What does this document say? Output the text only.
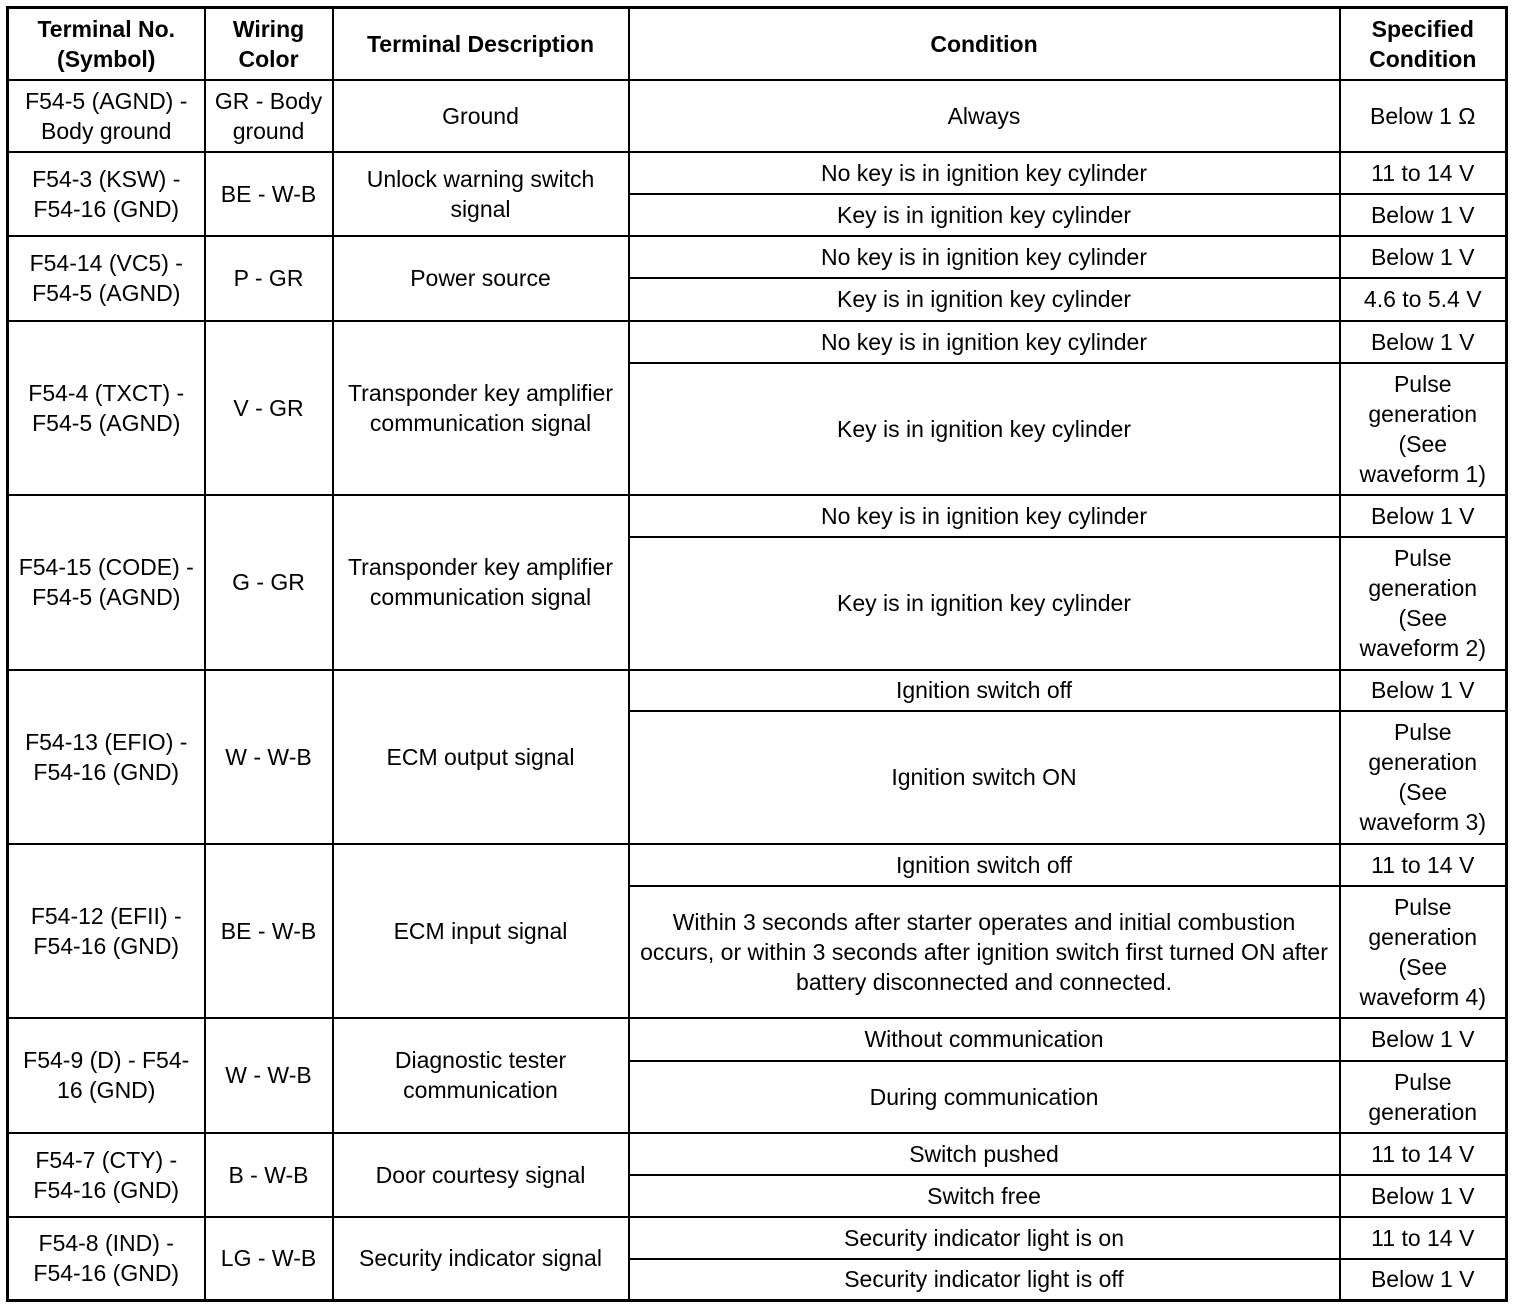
Terminal No. (Symbol)	Wiring Color	Terminal Description	Condition	Specified Condition
F54-5 (AGND) - Body ground	GR - Body ground	Ground	Always	Below 1 Ω
F54-3 (KSW) - F54-16 (GND)	BE - W-B	Unlock warning switch signal	No key is in ignition key cylinder	11 to 14 V
			Key is in ignition key cylinder	Below 1 V
F54-14 (VC5) - F54-5 (AGND)	P - GR	Power source	No key is in ignition key cylinder	Below 1 V
			Key is in ignition key cylinder	4.6 to 5.4 V
F54-4 (TXCT) - F54-5 (AGND)	V - GR	Transponder key amplifier communication signal	No key is in ignition key cylinder	Below 1 V
			Key is in ignition key cylinder	Pulse generation (See waveform 1)
F54-15 (CODE) - F54-5 (AGND)	G - GR	Transponder key amplifier communication signal	No key is in ignition key cylinder	Below 1 V
			Key is in ignition key cylinder	Pulse generation (See waveform 2)
F54-13 (EFIO) - F54-16 (GND)	W - W-B	ECM output signal	Ignition switch off	Below 1 V
			Ignition switch ON	Pulse generation (See waveform 3)
F54-12 (EFII) - F54-16 (GND)	BE - W-B	ECM input signal	Ignition switch off	11 to 14 V
			Within 3 seconds after starter operates and initial combustion occurs, or within 3 seconds after ignition switch first turned ON after battery disconnected and connected.	Pulse generation (See waveform 4)
F54-9 (D) - F54-16 (GND)	W - W-B	Diagnostic tester communication	Without communication	Below 1 V
			During communication	Pulse generation
F54-7 (CTY) - F54-16 (GND)	B - W-B	Door courtesy signal	Switch pushed	11 to 14 V
			Switch free	Below 1 V
F54-8 (IND) - F54-16 (GND)	LG - W-B	Security indicator signal	Security indicator light is on	11 to 14 V
			Security indicator light is off	Below 1 V
